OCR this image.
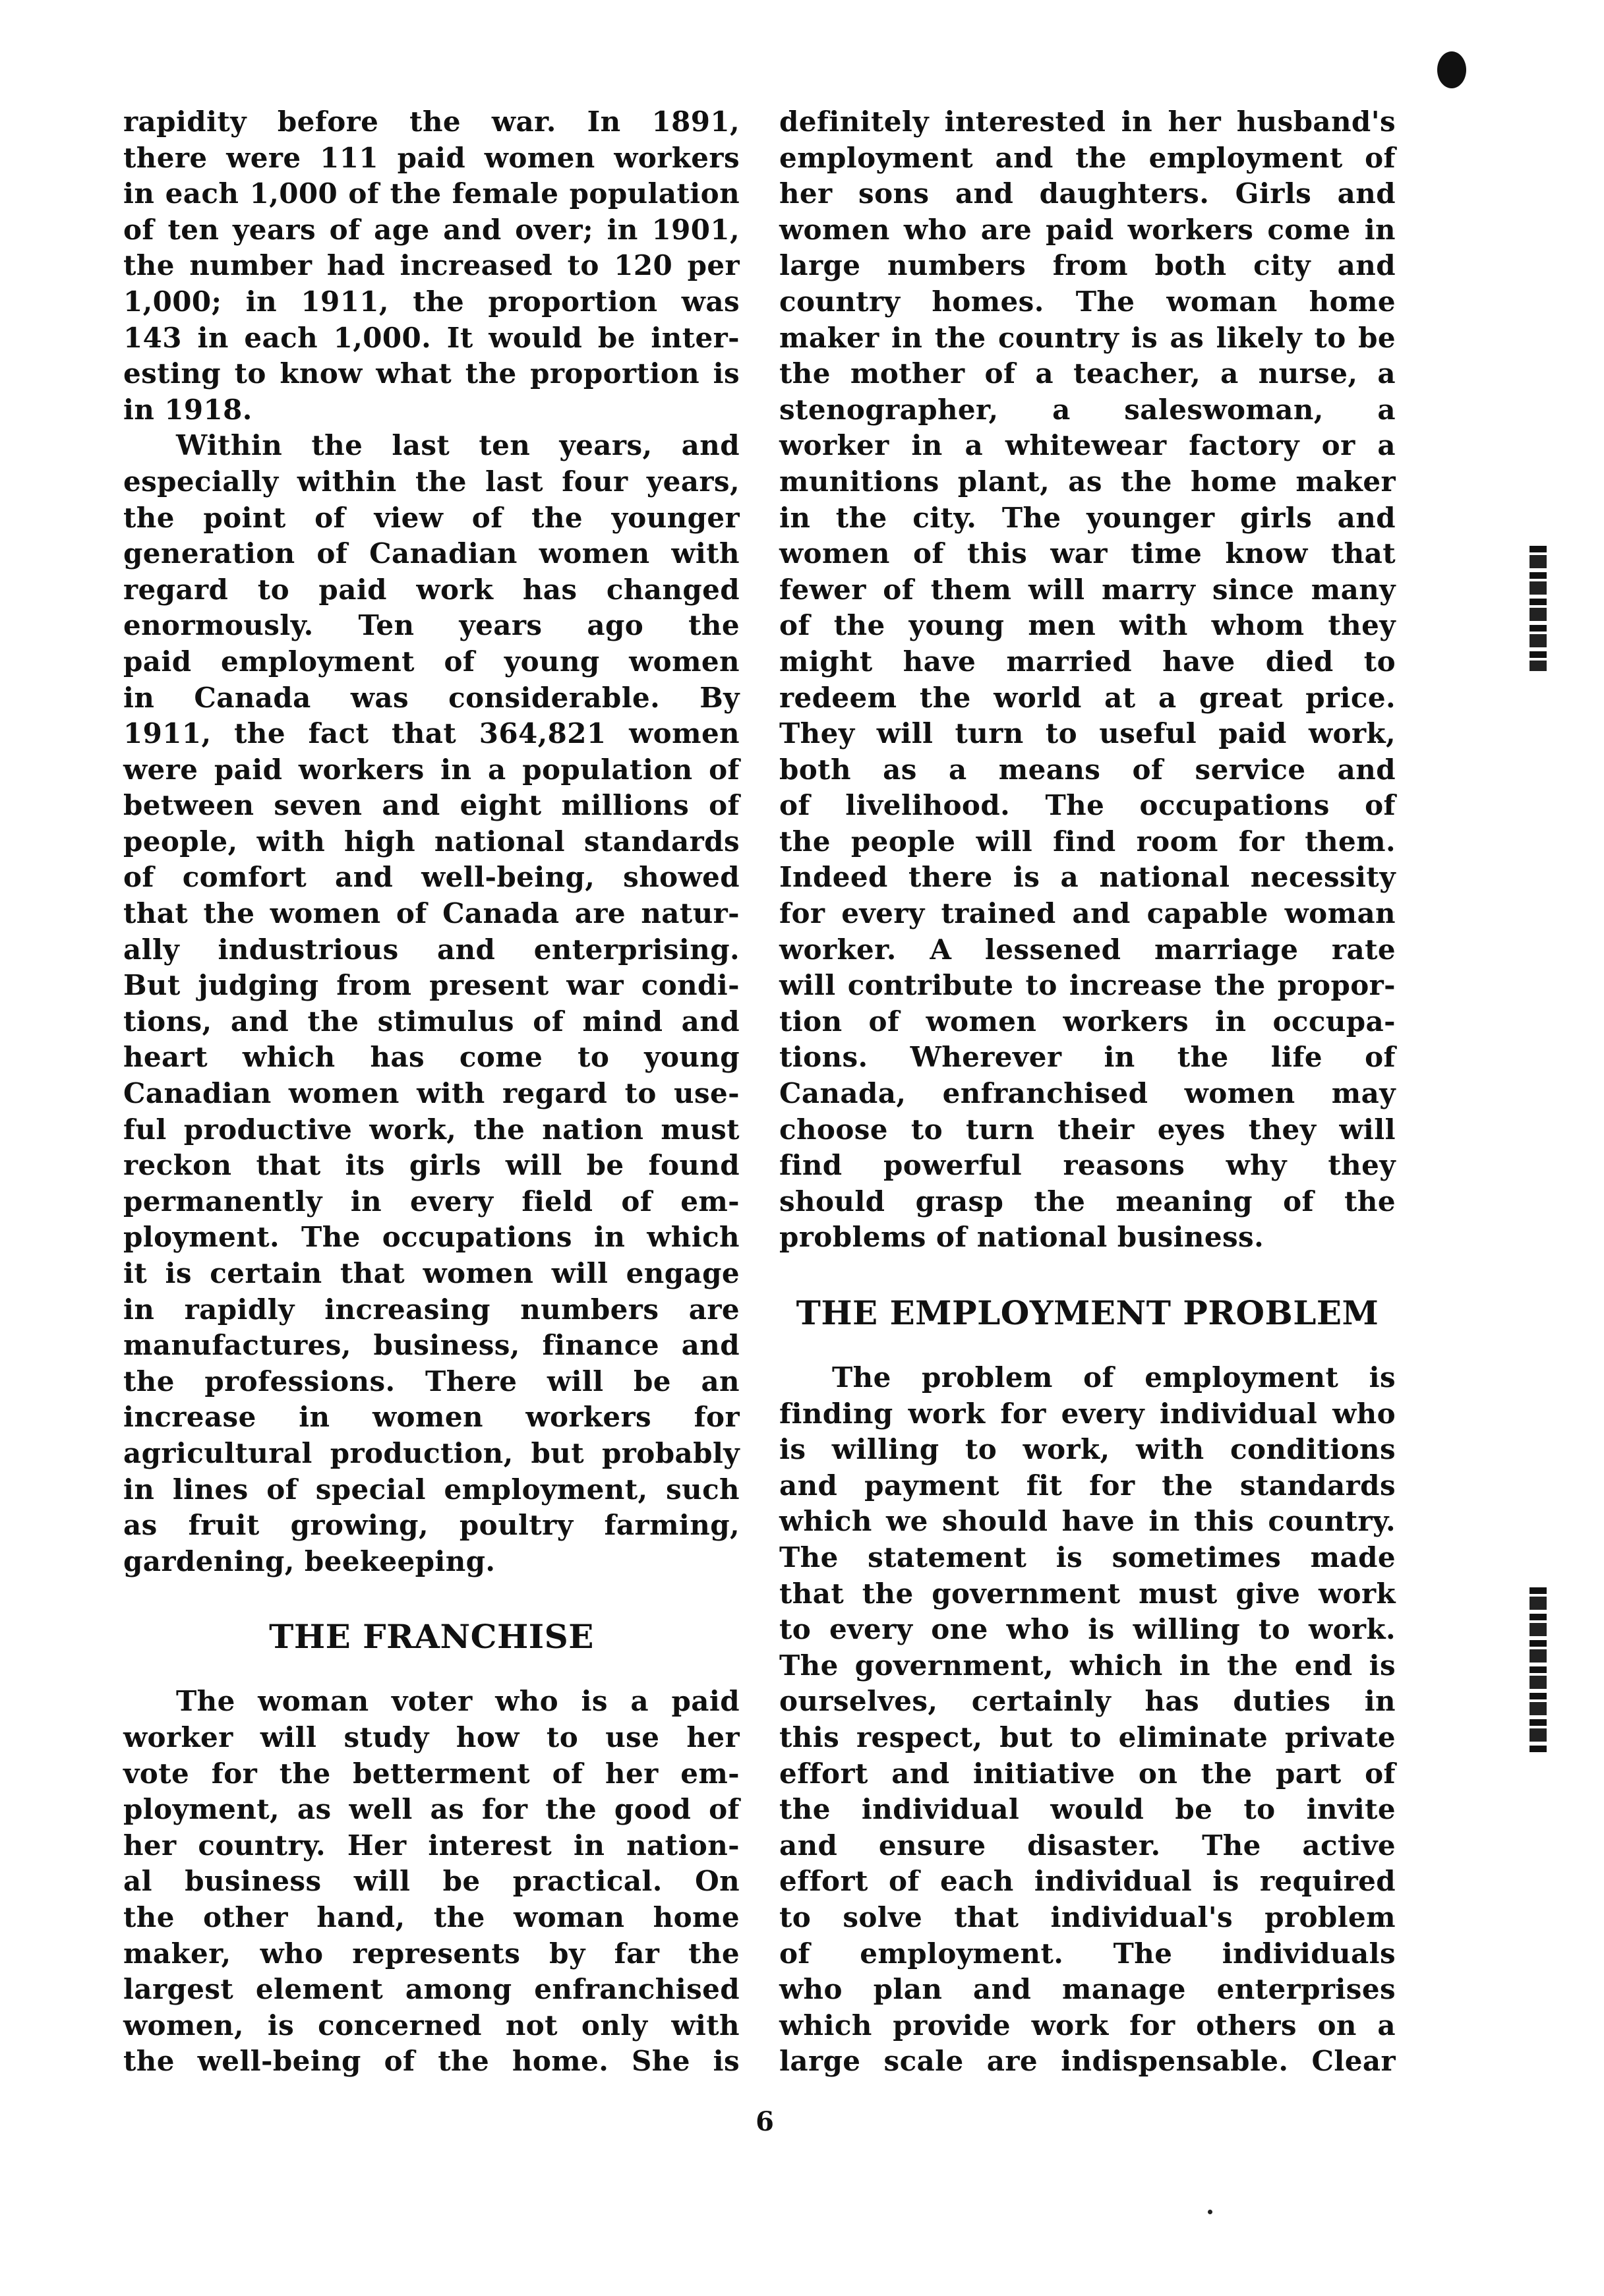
rapidity before the war. In 1891,
there were 111 paid women workers
in each 1,000 of the female population
of ten years of age and over; in 1901,
the number had increased to 120 per
1,000; in 1911, the proportion was
143 in each 1,000. It would be inter-
esting to know what the proportion is
in 1918.
Within the last ten years, and
especially within the last four years,
the point of view of the younger
generation of Canadian women with
regard to paid work has changed
enormously. Ten years ago the
paid employment of young women
in Canada was considerable. By
1911, the fact that 364,821 women
were paid workers in a population of
between seven and eight millions of
people, with high national standards
of comfort and well-being, showed
that the women of Canada are natur-
ally industrious and enterprising.
But judging from present war condi-
tions, and the stimulus of mind and
heart which has come to young
Canadian women with regard to use-
ful productive work, the nation must
reckon that its girls will be found
permanently in every field of em-
ployment. The occupations in which
it is certain that women will engage
in rapidly increasing numbers are
manufactures, business, finance and
the professions. There will be an
increase in women workers for
agricultural production, but probably
in lines of special employment, such
as fruit growing, poultry farming,
gardening, beekeeping.
THE FRANCHISE
The woman voter who is a paid
worker will study how to use her
vote for the betterment of her em-
ployment, as well as for the good of
her country. Her interest in nation-
al business will be practical. On
the other hand, the woman home
maker, who represents by far the
largest element among enfranchised
women, is concerned not only with
the well-being of the home. She is
definitely interested in her husband's
employment and the employment of
her sons and daughters. Girls and
women who are paid workers come in
large numbers from both city and
country homes. The woman home
maker in the country is as likely to be
the mother of a teacher, a nurse, a
stenographer, a saleswoman, a
worker in a whitewear factory or a
munitions plant, as the home maker
in the city. The younger girls and
women of this war time know that
fewer of them will marry since many
of the young men with whom they
might have married have died to
redeem the world at a great price.
They will turn to useful paid work,
both as a means of service and
of livelihood. The occupations of
the people will find room for them.
Indeed there is a national necessity
for every trained and capable woman
worker. A lessened marriage rate
will contribute to increase the propor-
tion of women workers in occupa-
tions. Wherever in the life of
Canada, enfranchised women may
choose to turn their eyes they will
find powerful reasons why they
should grasp the meaning of the
problems of national business.
THE EMPLOYMENT PROBLEM
The problem of employment is
finding work for every individual who
is willing to work, with conditions
and payment fit for the standards
which we should have in this country.
The statement is sometimes made
that the government must give work
to every one who is willing to work.
The government, which in the end is
ourselves, certainly has duties in
this respect, but to eliminate private
effort and initiative on the part of
the individual would be to invite
and ensure disaster. The active
effort of each individual is required
to solve that individual's problem
of employment. The individuals
who plan and manage enterprises
which provide work for others on a
large scale are indispensable. Clear
6
